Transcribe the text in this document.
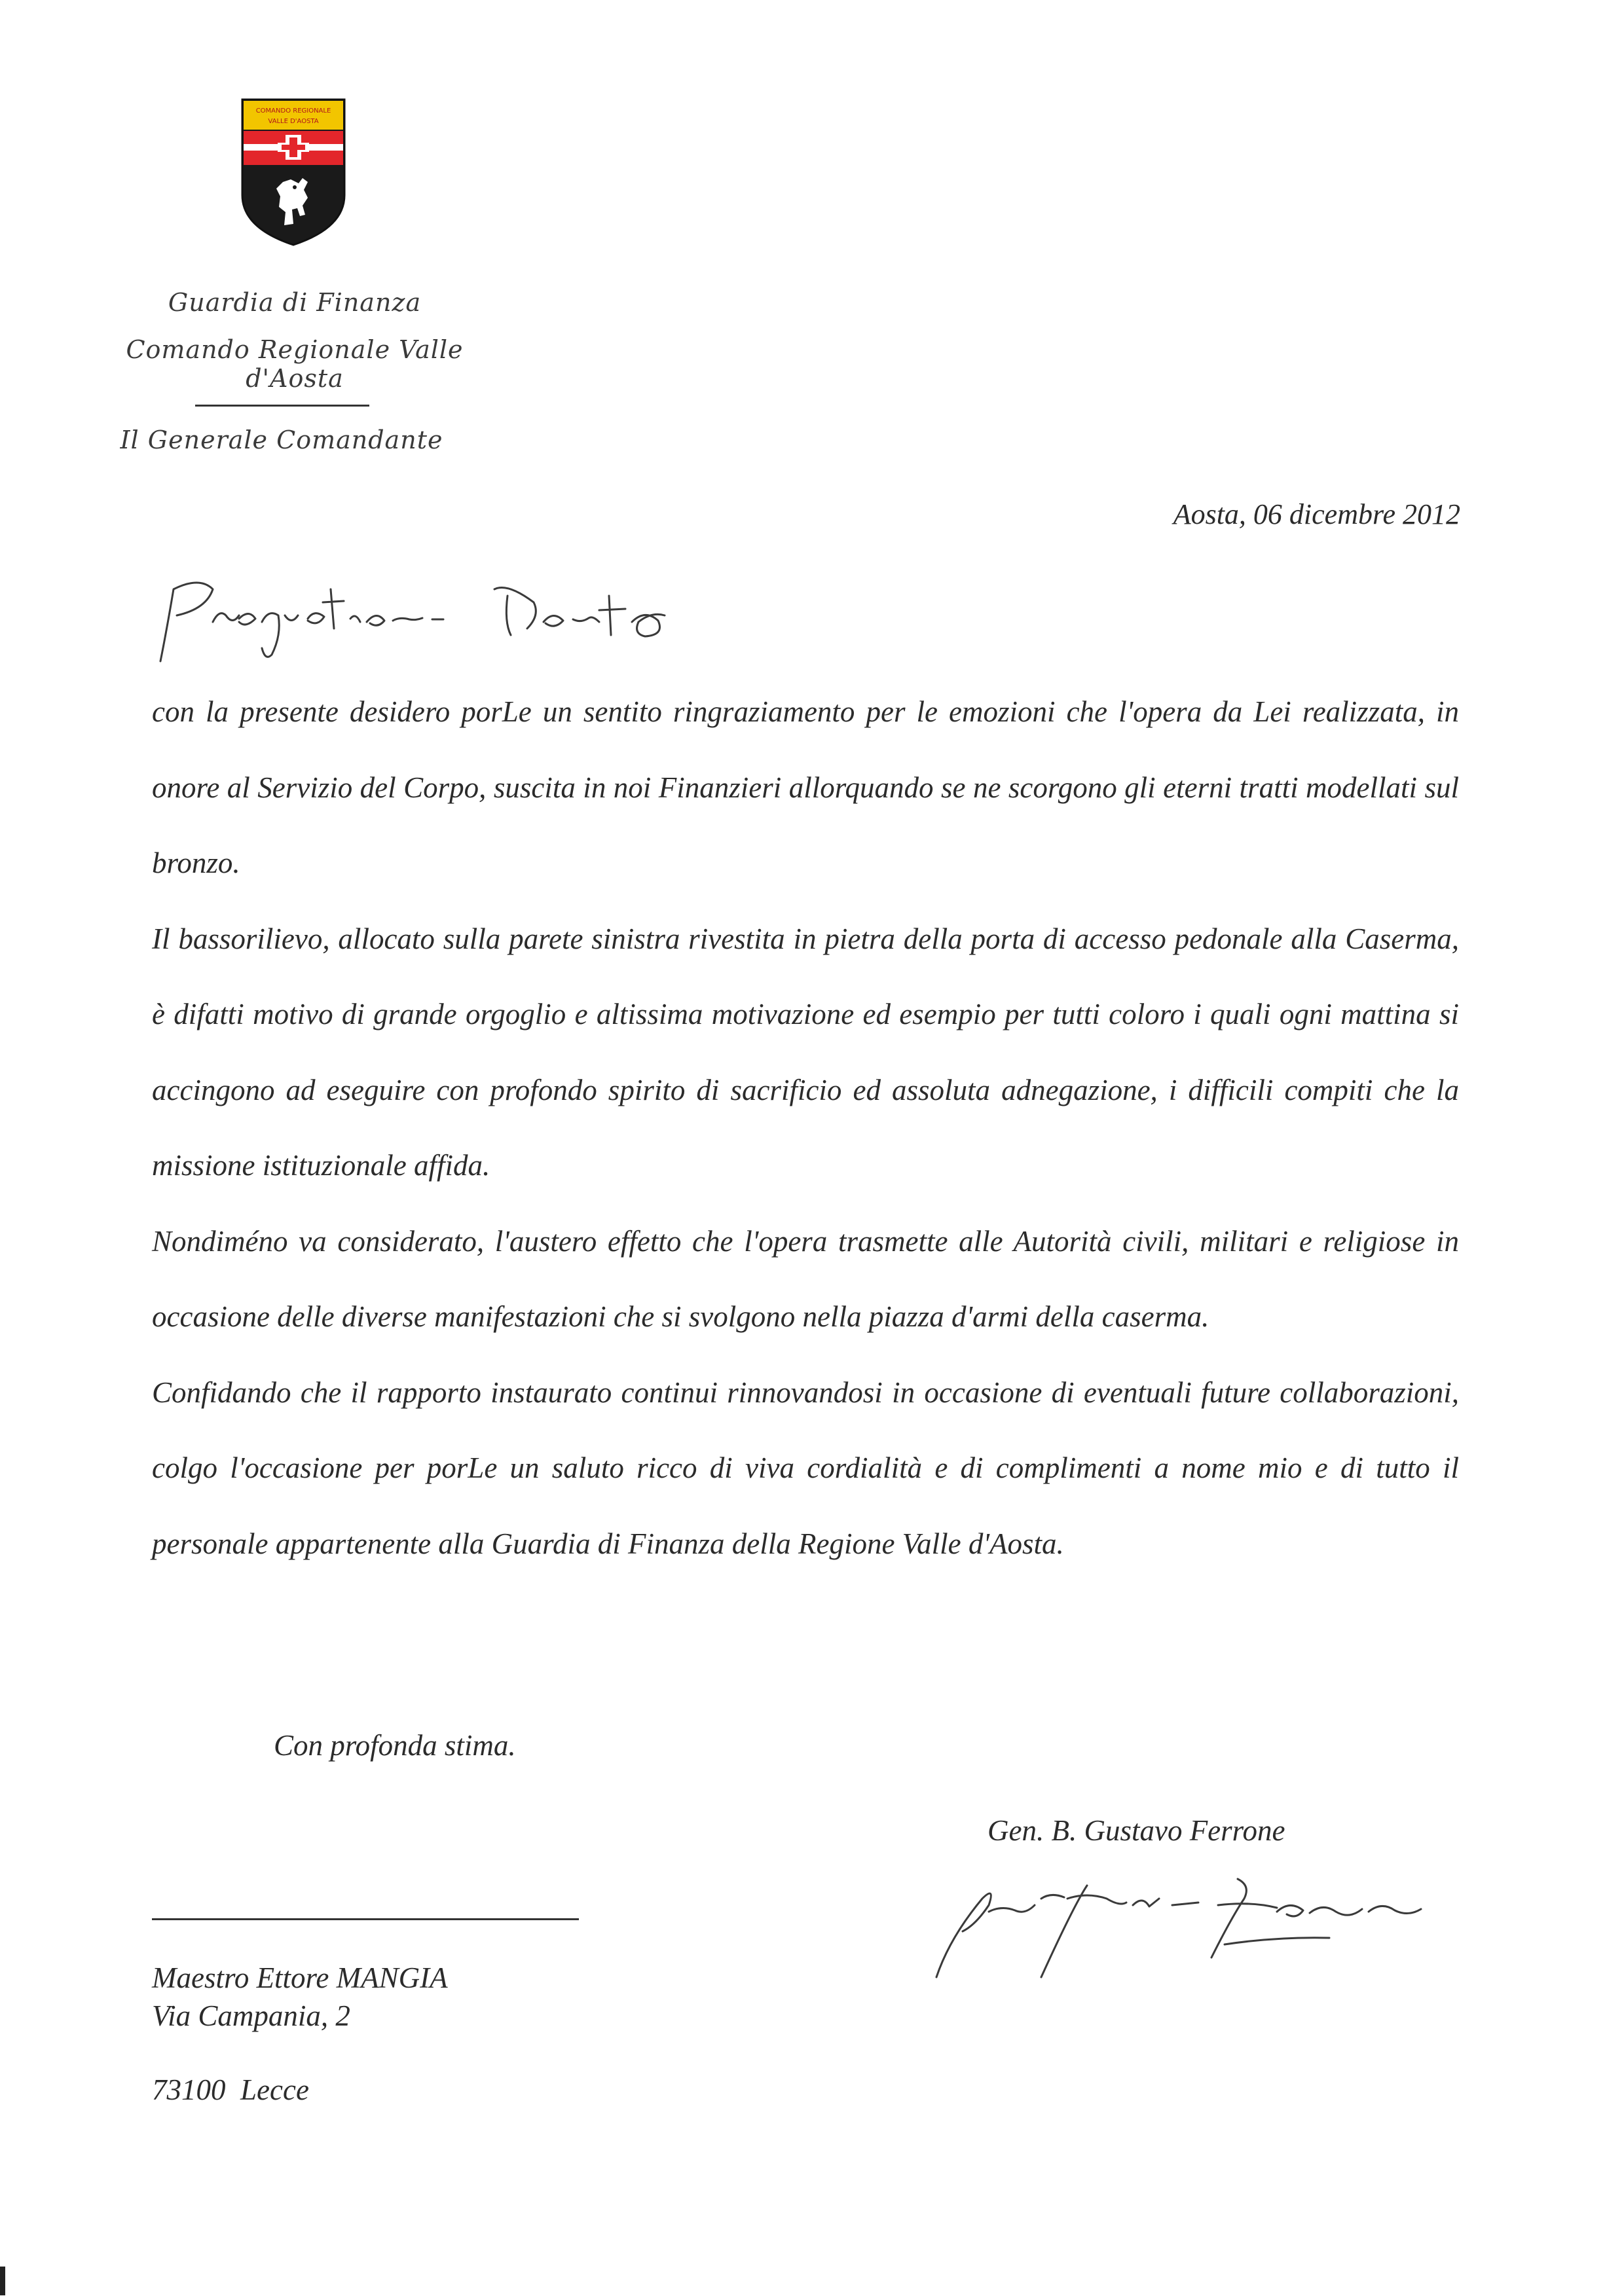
COMANDO REGIONALE
VALLE D'AOSTA
Guardia di Finanza
Comando Regionale Valle d'Aosta
Il Generale Comandante
Aosta, 06 dicembre 2012

con la presente desidero porLe un sentito ringraziamento per le emozioni che l'opera da Lei realizzata, in onore al Servizio del Corpo, suscita in noi Finanzieri allorquando se ne scorgono gli eterni tratti modellati sul bronzo.

Il bassorilievo, allocato sulla parete sinistra rivestita in pietra della porta di accesso pedonale alla Caserma, è difatti motivo di grande orgoglio e altissima motivazione ed esempio per tutti coloro i quali ogni mattina si accingono ad eseguire con profondo spirito di sacrificio ed assoluta adnegazione, i difficili compiti che la missione istituzionale affida.

Nondiméno va considerato, l'austero effetto che l'opera trasmette alle Autorità civili, militari e religiose in occasione delle diverse manifestazioni che si svolgono nella piazza d'armi della caserma.

Confidando che il rapporto instaurato continui rinnovandosi in occasione di eventuali future collaborazioni, colgo l'occasione per porLe un saluto ricco di viva cordialità e di complimenti a nome mio e di tutto il personale appartenente alla Guardia di Finanza della Regione Valle d'Aosta.

Con profonda stima.
Gen. B. Gustavo Ferrone
Maestro Ettore MANGIA
Via Campania, 2
73100  Lecce
